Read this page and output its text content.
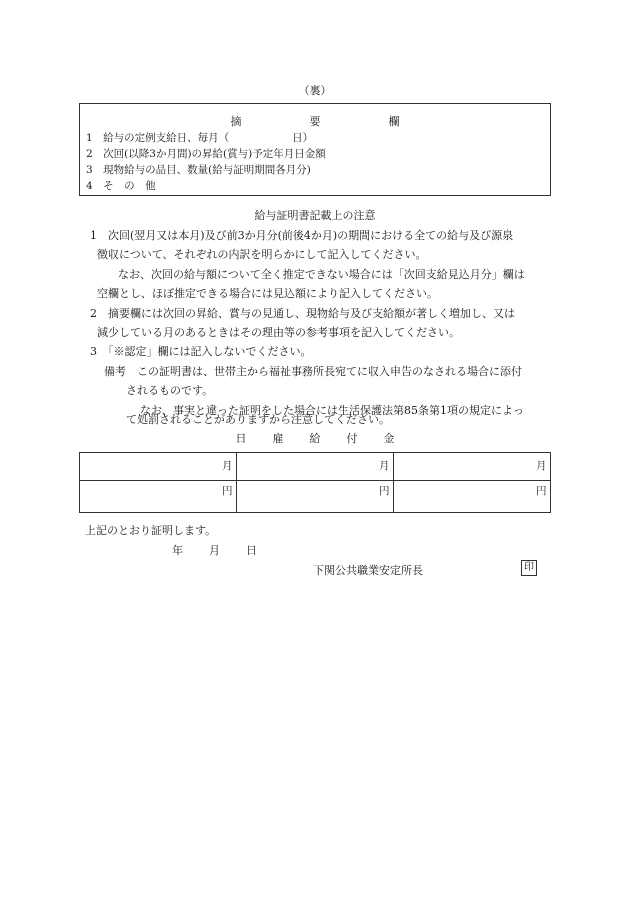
（裏）
摘	要	欄
1　給与の定例支給日、毎月（　　　　　　日）
2　次回(以降3か月間)の昇給(賞与)予定年月日金額
3　現物給与の品目、数量(給与証明期間各月分)
4　そ　の　他
給与証明書記載上の注意
1　次回(翌月又は本月)及び前3か月分(前後4か月)の期間における全ての給与及び源泉
徴収について、それぞれの内訳を明らかにして記入してください。
なお、次回の給与額について全く推定できない場合には「次回支給見込月分」欄は
空欄とし、ほぼ推定できる場合には見込額により記入してください。
2　摘要欄には次回の昇給、賞与の見通し、現物給与及び支給額が著しく増加し、又は
減少している月のあるときはその理由等の参考事項を記入してください。
3　「※認定」欄には記入しないでください。
備考　この証明書は、世帯主から福祉事務所長宛てに収入申告のなされる場合に添付
されるものです。
なお、事実と違った証明をした場合には生活保護法第85条第1項の規定によっ
て処罰されることがありますから注意してください。
日 雇 給 付 金
月	月	月
円	円	円
上記のとおり証明します。
年 月 日
下関公共職業安定所長	印
